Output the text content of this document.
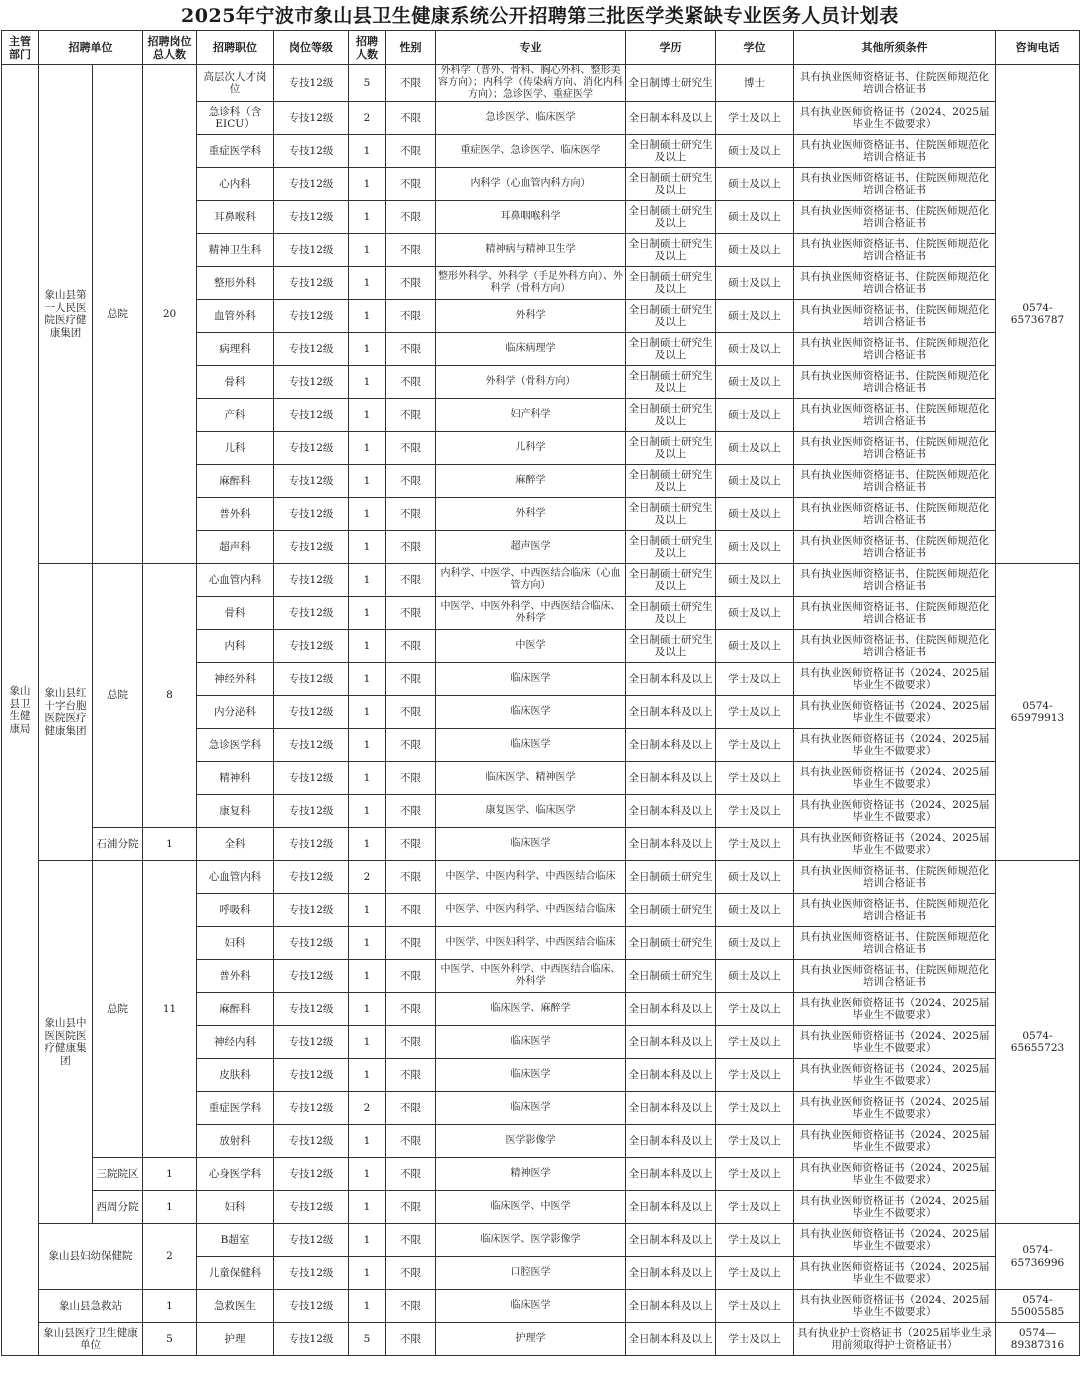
2025年宁波市象山县卫生健康系统公开招聘第三批医学类紧缺专业医务人员计划表
主管部门	招聘单位		招聘岗位总人数	招聘职位	岗位等级	招聘人数	性别	专业	学历	学位	其他所须条件	咨询电话
象山县卫生健康局	象山县第一人民医院医疗健康集团	总院	20	高层次人才岗位	专技12级	5	不限	外科学（普外、骨科、胸心外科、整形美容方向）；内科学（传染病方向、消化内科方向）；急诊医学、重症医学	全日制博士研究生	博士	具有执业医师资格证书、住院医师规范化培训合格证书	0574-65736787
				急诊科（含EICU）	专技12级	2	不限	急诊医学、临床医学	全日制本科及以上	学士及以上	具有执业医师资格证书（2024、2025届毕业生不做要求）	
				重症医学科	专技12级	1	不限	重症医学、急诊医学、临床医学	全日制硕士研究生及以上	硕士及以上	具有执业医师资格证书、住院医师规范化培训合格证书	
				心内科	专技12级	1	不限	内科学（心血管内科方向）	全日制硕士研究生及以上	硕士及以上	具有执业医师资格证书、住院医师规范化培训合格证书	
				耳鼻喉科	专技12级	1	不限	耳鼻咽喉科学	全日制硕士研究生及以上	硕士及以上	具有执业医师资格证书、住院医师规范化培训合格证书	
				精神卫生科	专技12级	1	不限	精神病与精神卫生学	全日制硕士研究生及以上	硕士及以上	具有执业医师资格证书、住院医师规范化培训合格证书	
				整形外科	专技12级	1	不限	整形外科学、外科学（手足外科方向）、外科学（骨科方向）	全日制硕士研究生及以上	硕士及以上	具有执业医师资格证书、住院医师规范化培训合格证书	
				血管外科	专技12级	1	不限	外科学	全日制硕士研究生及以上	硕士及以上	具有执业医师资格证书、住院医师规范化培训合格证书	
				病理科	专技12级	1	不限	临床病理学	全日制硕士研究生及以上	硕士及以上	具有执业医师资格证书、住院医师规范化培训合格证书	
				骨科	专技12级	1	不限	外科学（骨科方向）	全日制硕士研究生及以上	硕士及以上	具有执业医师资格证书、住院医师规范化培训合格证书	
				产科	专技12级	1	不限	妇产科学	全日制硕士研究生及以上	硕士及以上	具有执业医师资格证书、住院医师规范化培训合格证书	
				儿科	专技12级	1	不限	儿科学	全日制硕士研究生及以上	硕士及以上	具有执业医师资格证书、住院医师规范化培训合格证书	
				麻醉科	专技12级	1	不限	麻醉学	全日制硕士研究生及以上	硕士及以上	具有执业医师资格证书、住院医师规范化培训合格证书	
				普外科	专技12级	1	不限	外科学	全日制硕士研究生及以上	硕士及以上	具有执业医师资格证书、住院医师规范化培训合格证书	
				超声科	专技12级	1	不限	超声医学	全日制硕士研究生及以上	硕士及以上	具有执业医师资格证书、住院医师规范化培训合格证书	
	象山县红十字台胞医院医疗健康集团	总院	8	心血管内科	专技12级	1	不限	内科学、中医学、中西医结合临床（心血管方向）	全日制硕士研究生及以上	硕士及以上	具有执业医师资格证书、住院医师规范化培训合格证书	0574-65979913
				骨科	专技12级	1	不限	中医学、中医外科学、中西医结合临床、外科学	全日制硕士研究生及以上	硕士及以上	具有执业医师资格证书、住院医师规范化培训合格证书	
				内科	专技12级	1	不限	中医学	全日制硕士研究生及以上	硕士及以上	具有执业医师资格证书、住院医师规范化培训合格证书	
				神经外科	专技12级	1	不限	临床医学	全日制本科及以上	学士及以上	具有执业医师资格证书（2024、2025届毕业生不做要求）	
				内分泌科	专技12级	1	不限	临床医学	全日制本科及以上	学士及以上	具有执业医师资格证书（2024、2025届毕业生不做要求）	
				急诊医学科	专技12级	1	不限	临床医学	全日制本科及以上	学士及以上	具有执业医师资格证书（2024、2025届毕业生不做要求）	
				精神科	专技12级	1	不限	临床医学、精神医学	全日制本科及以上	学士及以上	具有执业医师资格证书（2024、2025届毕业生不做要求）	
				康复科	专技12级	1	不限	康复医学、临床医学	全日制本科及以上	学士及以上	具有执业医师资格证书（2024、2025届毕业生不做要求）	
		石浦分院	1	全科	专技12级	1	不限	临床医学	全日制本科及以上	学士及以上	具有执业医师资格证书（2024、2025届毕业生不做要求）	
	象山县中医医院医疗健康集团	总院	11	心血管内科	专技12级	2	不限	中医学、中医内科学、中西医结合临床	全日制硕士研究生	硕士及以上	具有执业医师资格证书、住院医师规范化培训合格证书	0574-65655723
				呼吸科	专技12级	1	不限	中医学、中医内科学、中西医结合临床	全日制硕士研究生	硕士及以上	具有执业医师资格证书、住院医师规范化培训合格证书	
				妇科	专技12级	1	不限	中医学、中医妇科学、中西医结合临床	全日制硕士研究生	硕士及以上	具有执业医师资格证书、住院医师规范化培训合格证书	
				普外科	专技12级	1	不限	中医学、中医外科学、中西医结合临床、外科学	全日制硕士研究生	硕士及以上	具有执业医师资格证书、住院医师规范化培训合格证书	
				麻醉科	专技12级	1	不限	临床医学、麻醉学	全日制本科及以上	学士及以上	具有执业医师资格证书（2024、2025届毕业生不做要求）	
				神经内科	专技12级	1	不限	临床医学	全日制本科及以上	学士及以上	具有执业医师资格证书（2024、2025届毕业生不做要求）	
				皮肤科	专技12级	1	不限	临床医学	全日制本科及以上	学士及以上	具有执业医师资格证书（2024、2025届毕业生不做要求）	
				重症医学科	专技12级	2	不限	临床医学	全日制本科及以上	学士及以上	具有执业医师资格证书（2024、2025届毕业生不做要求）	
				放射科	专技12级	1	不限	医学影像学	全日制本科及以上	学士及以上	具有执业医师资格证书（2024、2025届毕业生不做要求）	
		三院院区	1	心身医学科	专技12级	1	不限	精神医学	全日制本科及以上	学士及以上	具有执业医师资格证书（2024、2025届毕业生不做要求）	
		西周分院	1	妇科	专技12级	1	不限	临床医学、中医学	全日制本科及以上	学士及以上	具有执业医师资格证书（2024、2025届毕业生不做要求）	
	象山县妇幼保健院		2	B超室	专技12级	1	不限	临床医学、医学影像学	全日制本科及以上	学士及以上	具有执业医师资格证书（2024、2025届毕业生不做要求）	0574-65736996
				儿童保健科	专技12级	1	不限	口腔医学	全日制本科及以上	学士及以上	具有执业医师资格证书（2024、2025届毕业生不做要求）	
	象山县急救站		1	急救医生	专技12级	1	不限	临床医学	全日制本科及以上	学士及以上	具有执业医师资格证书（2024、2025届毕业生不做要求）	0574-55005585
	象山县医疗卫生健康单位		5	护理	专技12级	5	不限	护理学	全日制本科及以上	学士及以上	具有执业护士资格证书（2025届毕业生录用前须取得护士资格证书）	0574—89387316
